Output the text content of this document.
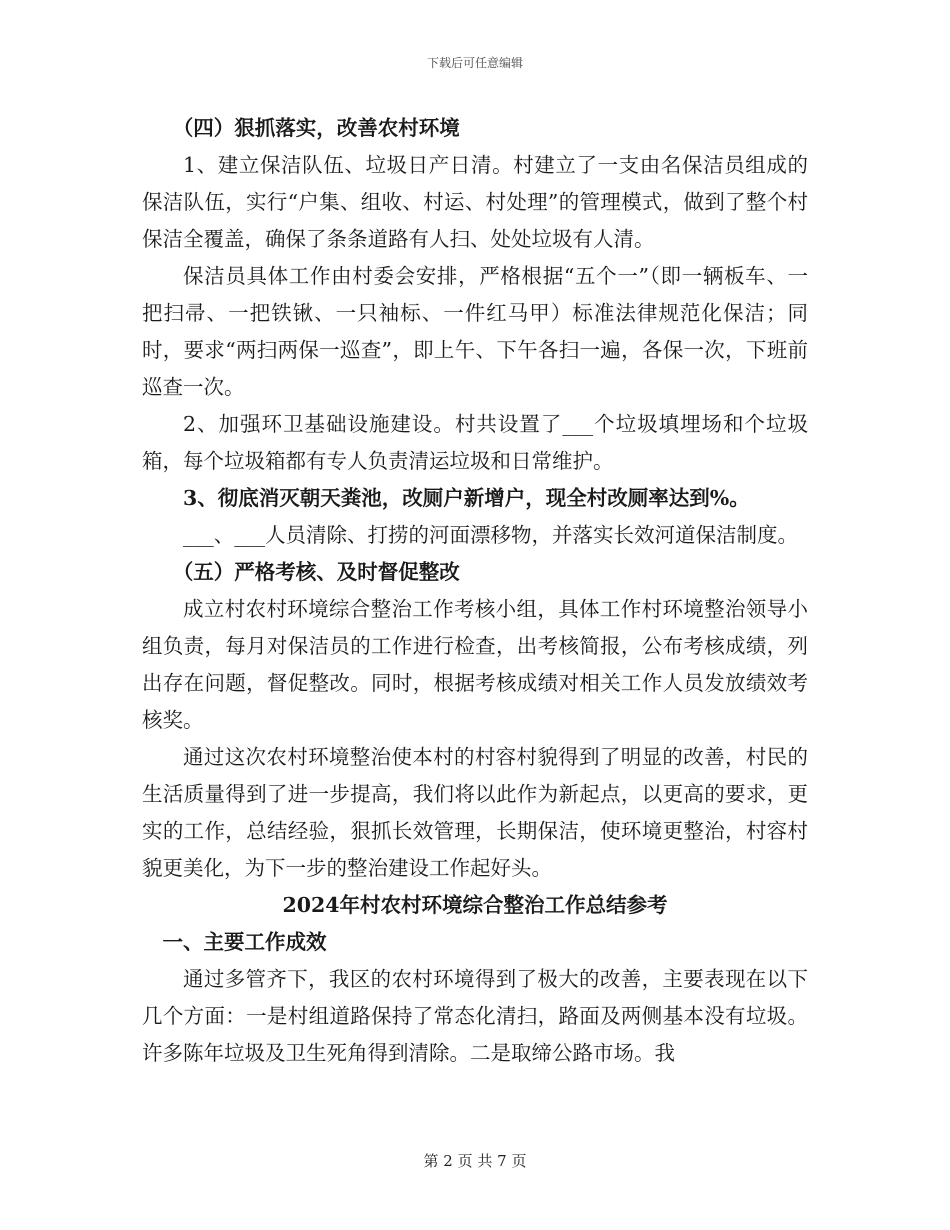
下载后可任意编辑

（四）狠抓落实，改善农村环境

1、建立保洁队伍、垃圾日产日清。村建立了一支由名保洁员组成的保洁队伍，实行“户集、组收、村运、村处理”的管理模式，做到了整个村保洁全覆盖，确保了条条道路有人扫、处处垃圾有人清。

保洁员具体工作由村委会安排，严格根据“五个一”（即一辆板车、一把扫帚、一把铁锹、一只袖标、一件红马甲）标准法律规范化保洁；同时，要求“两扫两保一巡查”，即上午、下午各扫一遍，各保一次，下班前巡查一次。

2、加强环卫基础设施建设。村共设置了___个垃圾填埋场和个垃圾箱，每个垃圾箱都有专人负责清运垃圾和日常维护。

3、彻底消灭朝天粪池，改厕户新增户，现全村改厕率达到%。

___、___人员清除、打捞的河面漂移物，并落实长效河道保洁制度。

（五）严格考核、及时督促整改

成立村农村环境综合整治工作考核小组，具体工作村环境整治领导小组负责，每月对保洁员的工作进行检查，出考核简报，公布考核成绩，列出存在问题，督促整改。同时，根据考核成绩对相关工作人员发放绩效考核奖。

通过这次农村环境整治使本村的村容村貌得到了明显的改善，村民的生活质量得到了进一步提高，我们将以此作为新起点，以更高的要求，更实的工作，总结经验，狠抓长效管理，长期保洁，使环境更整治，村容村貌更美化，为下一步的整治建设工作起好头。

2024年村农村环境综合整治工作总结参考

一、主要工作成效

通过多管齐下，我区的农村环境得到了极大的改善，主要表现在以下几个方面：一是村组道路保持了常态化清扫，路面及两侧基本没有垃圾。许多陈年垃圾及卫生死角得到清除。二是取缔公路市场。我

第 2 页 共 7 页
